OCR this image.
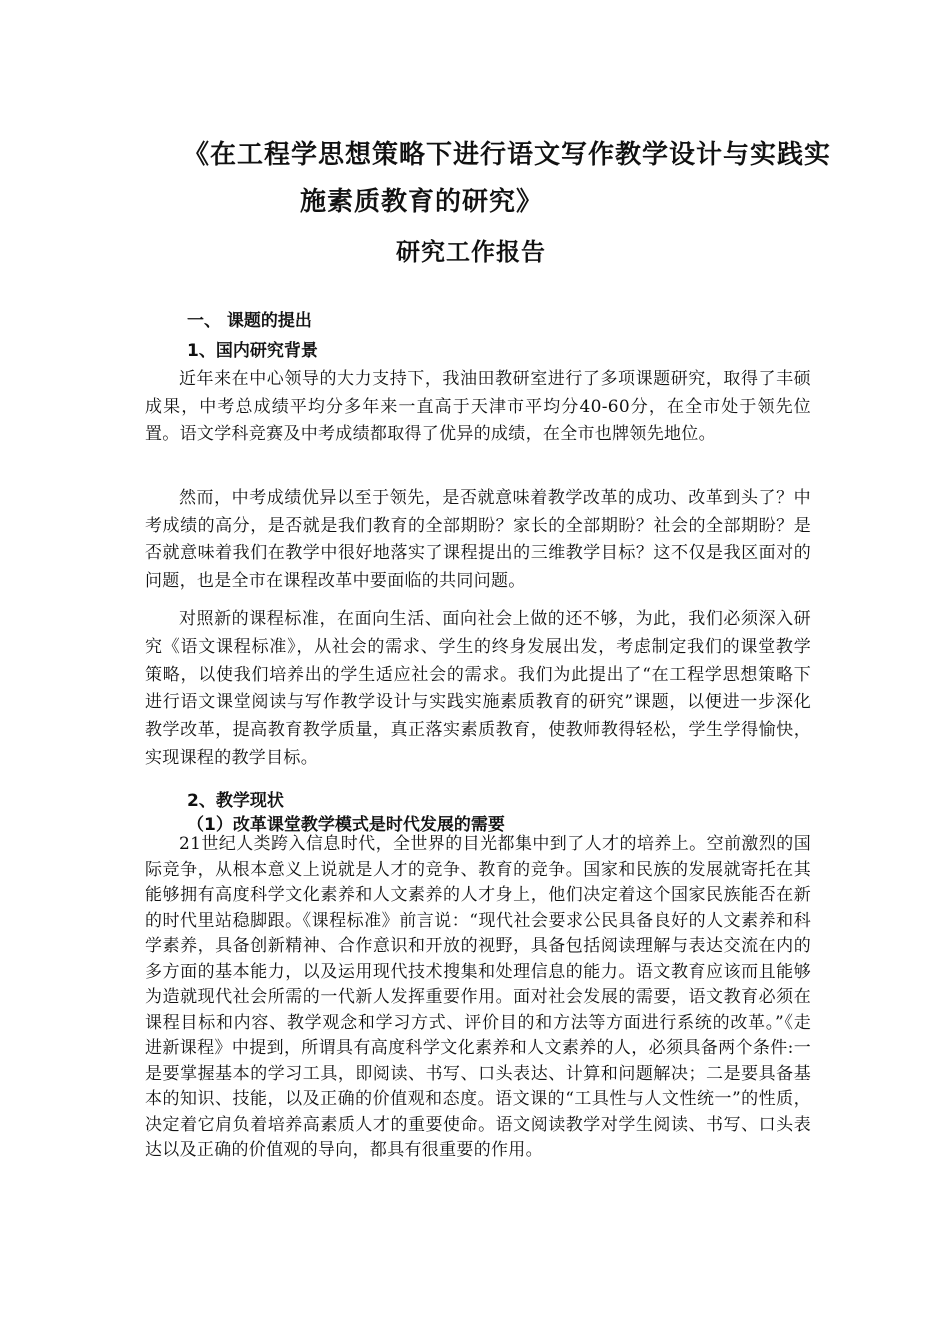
《在工程学思想策略下进行语文写作教学设计与实践实
施素质教育的研究》
研究工作报告
一、 课题的提出
1、国内研究背景
近年来在中心领导的大力支持下，我油田教研室进行了多项课题研究，取得了丰硕成果，中考总成绩平均分多年来一直高于天津市平均分40-60分，在全市处于领先位置。语文学科竞赛及中考成绩都取得了优异的成绩，在全市也牌领先地位。
然而，中考成绩优异以至于领先，是否就意味着教学改革的成功、改革到头了？中考成绩的高分，是否就是我们教育的全部期盼？家长的全部期盼？社会的全部期盼？是否就意味着我们在教学中很好地落实了课程提出的三维教学目标？这不仅是我区面对的问题，也是全市在课程改革中要面临的共同问题。
对照新的课程标准，在面向生活、面向社会上做的还不够，为此，我们必须深入研究《语文课程标准》，从社会的需求、学生的终身发展出发，考虑制定我们的课堂教学策略，以使我们培养出的学生适应社会的需求。我们为此提出了“在工程学思想策略下进行语文课堂阅读与写作教学设计与实践实施素质教育的研究”课题，以便进一步深化教学改革，提高教育教学质量，真正落实素质教育，使教师教得轻松，学生学得愉快，实现课程的教学目标。
2、教学现状
（1）改革课堂教学模式是时代发展的需要
21世纪人类跨入信息时代，全世界的目光都集中到了人才的培养上。空前激烈的国际竞争，从根本意义上说就是人才的竞争、教育的竞争。国家和民族的发展就寄托在其能够拥有高度科学文化素养和人文素养的人才身上，他们决定着这个国家民族能否在新的时代里站稳脚跟。《课程标准》前言说：“现代社会要求公民具备良好的人文素养和科学素养，具备创新精神、合作意识和开放的视野，具备包括阅读理解与表达交流在内的多方面的基本能力，以及运用现代技术搜集和处理信息的能力。语文教育应该而且能够为造就现代社会所需的一代新人发挥重要作用。面对社会发展的需要，语文教育必须在课程目标和内容、教学观念和学习方式、评价目的和方法等方面进行系统的改革。”《走进新课程》中提到，所谓具有高度科学文化素养和人文素养的人，必须具备两个条件:一是要掌握基本的学习工具，即阅读、书写、口头表达、计算和问题解决；二是要具备基本的知识、技能，以及正确的价值观和态度。语文课的“工具性与人文性统一”的性质，决定着它肩负着培养高素质人才的重要使命。语文阅读教学对学生阅读、书写、口头表达以及正确的价值观的导向，都具有很重要的作用。
